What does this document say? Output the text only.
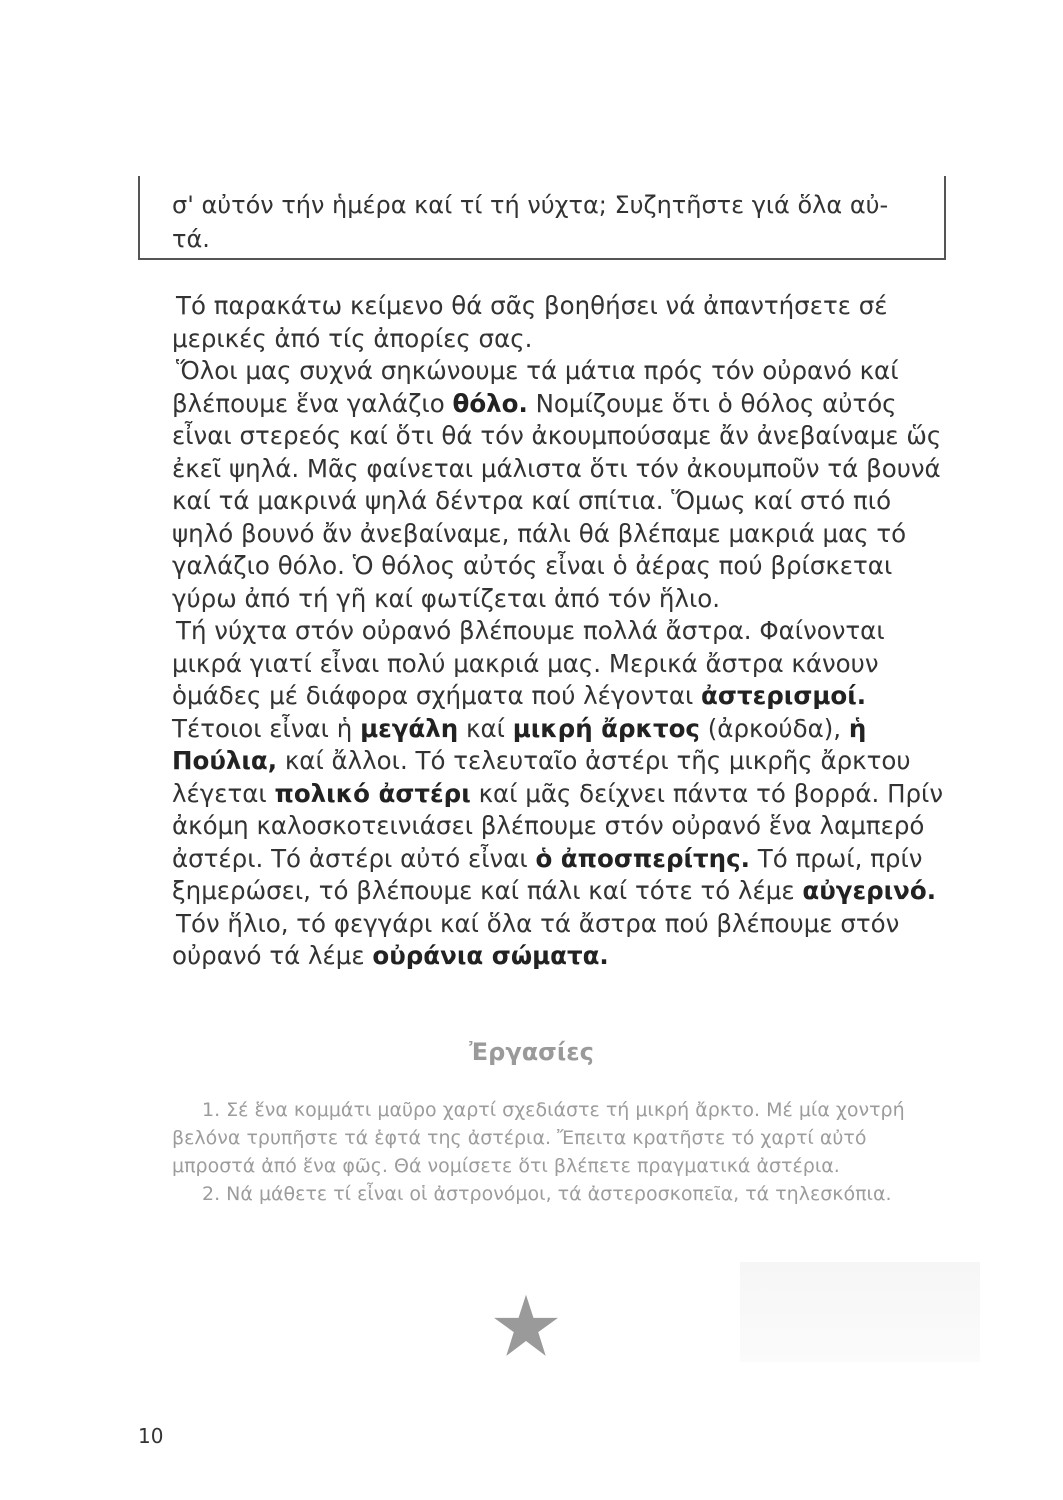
σ' αὐτόν τήν ἡμέρα καί τί τή νύχτα; Συζητῆστε γιά ὅλα αὐ-
τά.

Τό παρακάτω κείμενο θά σᾶς βοηθήσει νά ἀπαντήσετε σέ μερικές ἀπό τίς ἀπορίες σας.

Ὅλοι μας συχνά σηκώνουμε τά μάτια πρός τόν οὐρανό καί βλέπουμε ἕνα γαλάζιο θόλο. Νομίζουμε ὅτι ὁ θόλος αὐτός εἶναι στερεός καί ὅτι θά τόν ἀκουμπούσαμε ἄν ἀνεβαίναμε ὥς ἐκεῖ ψηλά. Μᾶς φαίνεται μάλιστα ὅτι τόν ἀκουμποῦν τά βουνά καί τά μακρινά ψηλά δέντρα καί σπίτια. Ὅμως καί στό πιό ψηλό βουνό ἄν ἀνεβαίναμε, πάλι θά βλέπαμε μακριά μας τό γαλάζιο θόλο. Ὁ θόλος αὐτός εἶναι ὁ ἀέρας πού βρίσκεται γύρω ἀπό τή γῆ καί φωτίζεται ἀπό τόν ἥλιο.

Τή νύχτα στόν οὐρανό βλέπουμε πολλά ἄστρα. Φαίνονται μικρά γιατί εἶναι πολύ μακριά μας. Μερικά ἄστρα κάνουν ὁμάδες μέ διάφορα σχήματα πού λέγονται ἀστερισμοί. Τέτοιοι εἶναι ἡ μεγάλη καί μικρή ἄρκτος (ἀρκούδα), ἡ Πούλια, καί ἄλλοι. Τό τελευταῖο ἀστέρι τῆς μικρῆς ἄρκτου λέγεται πολικό ἀστέρι καί μᾶς δείχνει πάντα τό βορρά. Πρίν ἀκόμη καλοσκοτεινιάσει βλέπουμε στόν οὐρανό ἕνα λαμπερό ἀστέρι. Τό ἀστέρι αὐτό εἶναι ὁ ἀποσπερίτης. Τό πρωί, πρίν ξημερώσει, τό βλέπουμε καί πάλι καί τότε τό λέμε αὐγερινό.

Τόν ἥλιο, τό φεγγάρι καί ὅλα τά ἄστρα πού βλέπουμε στόν οὐρανό τά λέμε οὐράνια σώματα.

Ἐργασίες

1. Σέ ἕνα κομμάτι μαῦρο χαρτί σχεδιάστε τή μικρή ἄρκτο. Μέ μία χοντρή βελόνα τρυπῆστε τά ἑφτά της ἀστέρια. Ἔπειτα κρατῆστε τό χαρτί αὐτό μπροστά ἀπό ἕνα φῶς. Θά νομίσετε ὅτι βλέπετε πραγματικά ἀστέρια.

2. Νά μάθετε τί εἶναι οἱ ἀστρονόμοι, τά ἀστεροσκοπεῖα, τά τηλεσκόπια.

10
